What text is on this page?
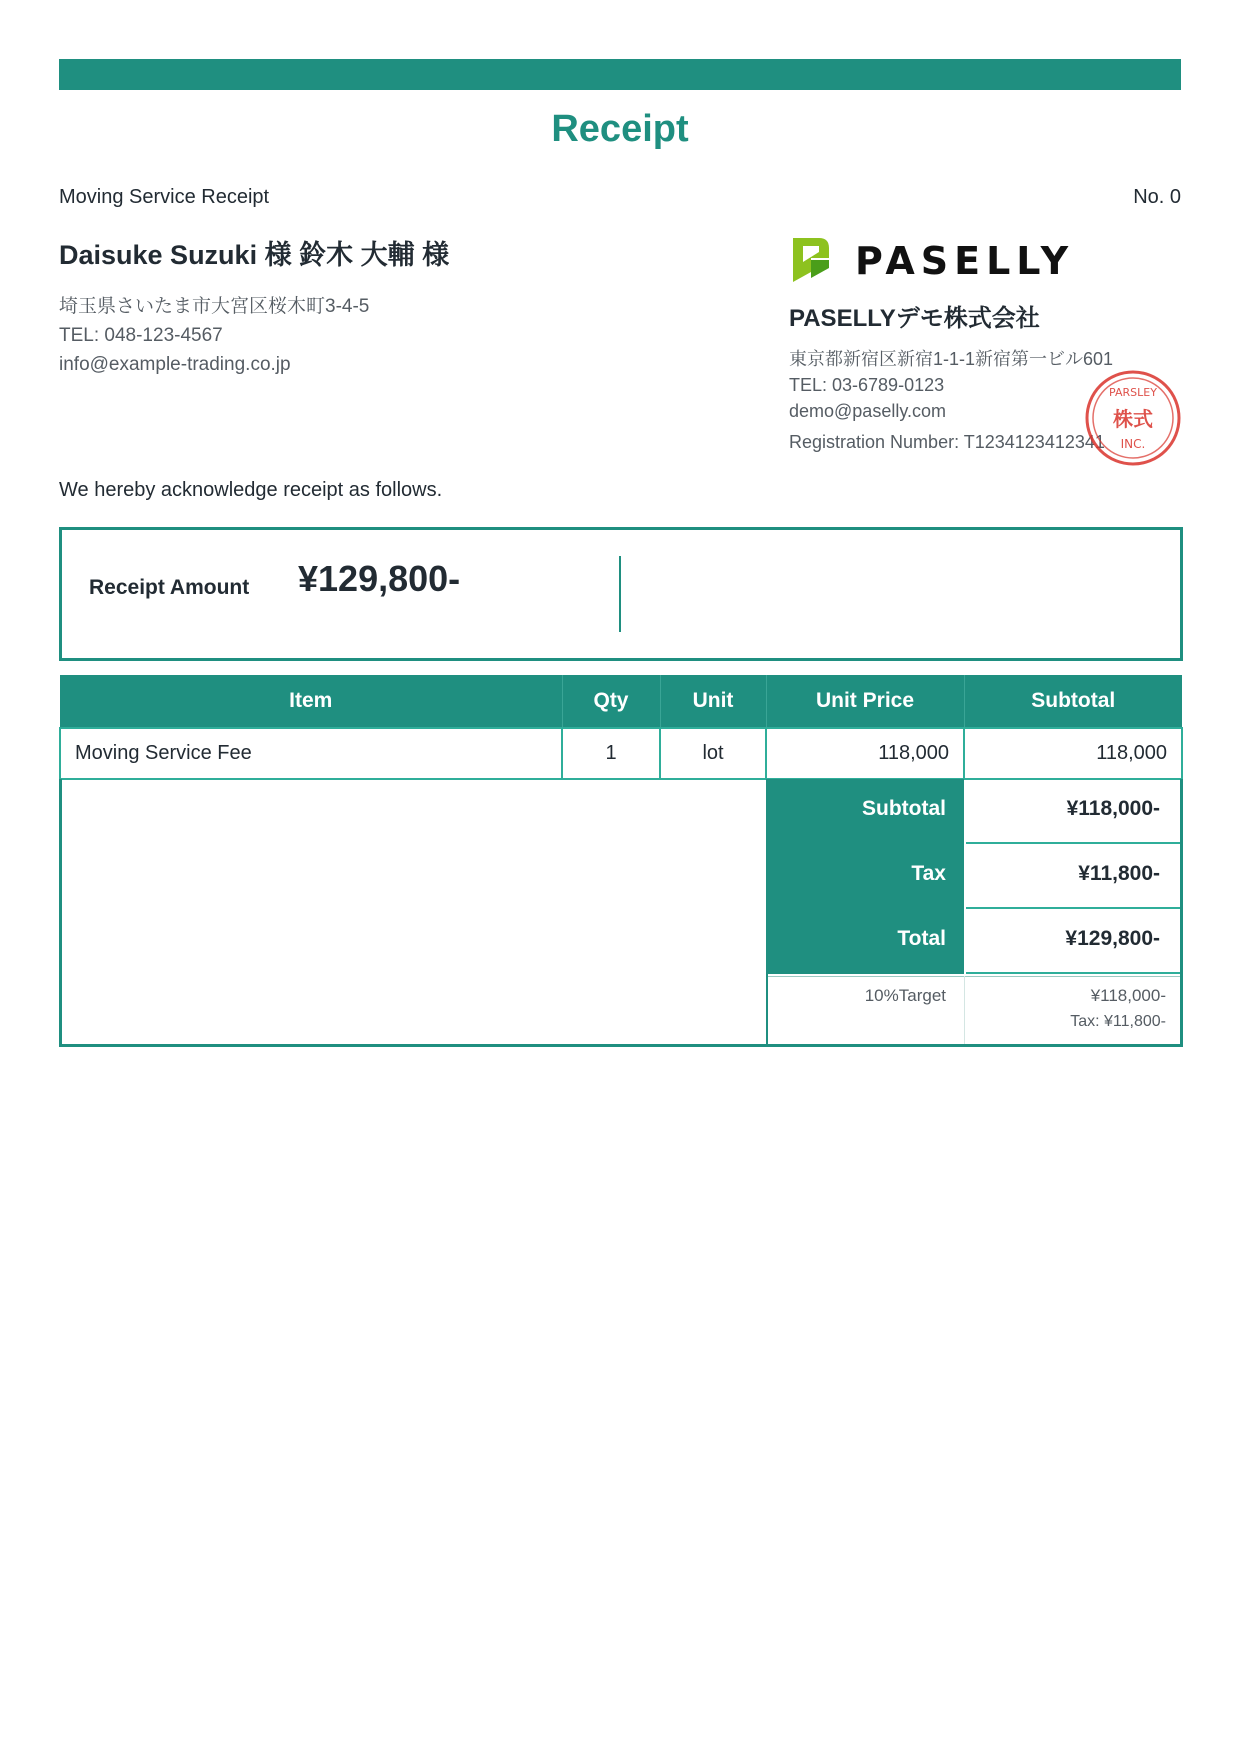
Receipt
Moving Service Receipt	No. 0
Daisuke Suzuki 様 鈴木 大輔 様
埼玉県さいたま市大宮区桜木町3-4-5
TEL: 048-123-4567
info@example-trading.co.jp
PASELLY
PASELLYデモ株式会社
東京都新宿区新宿1-1-1新宿第一ビル601
TEL: 03-6789-0123
demo@paselly.com
Registration Number: T1234123412341
PARSLEY
株式
INC.
We hereby acknowledge receipt as follows.
Receipt Amount ¥129,800-
Item	Qty	Unit	Unit Price	Subtotal
Moving Service Fee	1	lot	118,000	118,000
Subtotal	¥118,000-
Tax	¥11,800-
Total	¥129,800-
10%Target	¥118,000-
Tax: ¥11,800-
